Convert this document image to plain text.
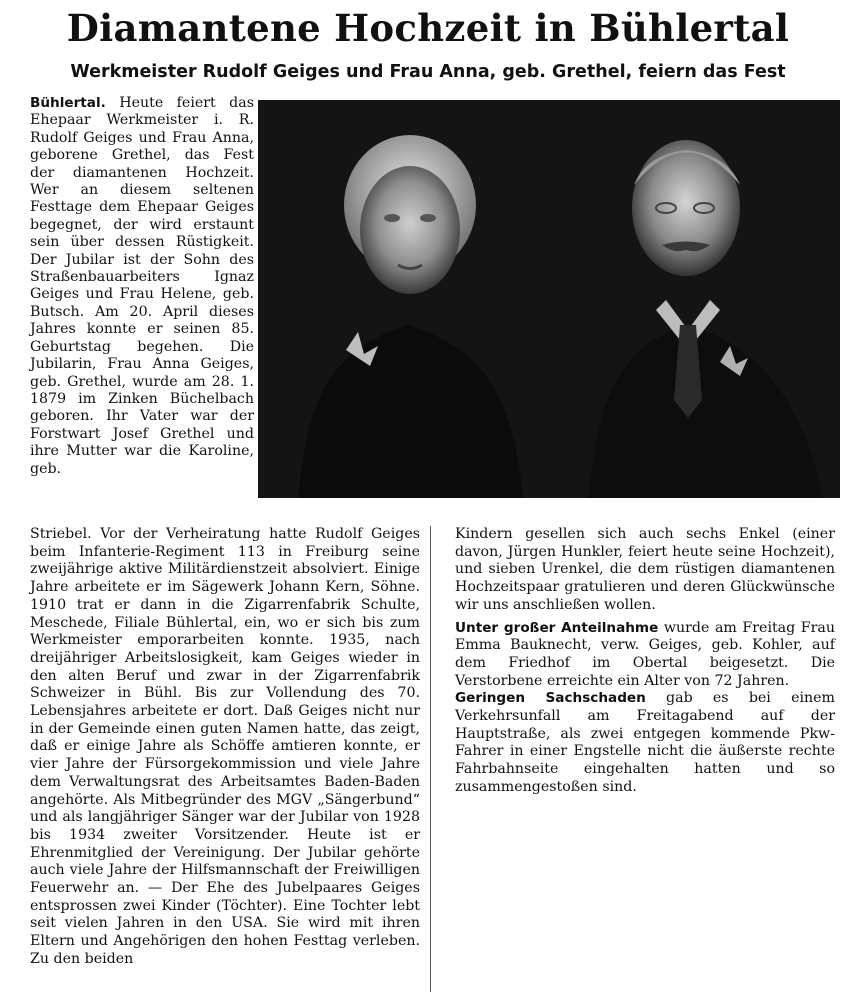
Diamantene Hochzeit in Bühlertal
Werkmeister Rudolf Geiges und Frau Anna, geb. Grethel, feiern das Fest

Bühlertal. Heute feiert das Ehepaar Werkmeister i. R. Rudolf Geiges und Frau Anna, geborene Grethel, das Fest der diamantenen Hochzeit. Wer an diesem seltenen Festtage dem Ehepaar Geiges begegnet, der wird erstaunt sein über dessen Rüstigkeit. Der Jubilar ist der Sohn des Straßenbauarbeiters Ignaz Geiges und Frau Helene, geb. Butsch. Am 20. April dieses Jahres konnte er seinen 85. Geburtstag begehen. Die Jubilarin, Frau Anna Geiges, geb. Grethel, wurde am 28. 1. 1879 im Zinken Büchelbach geboren. Ihr Vater war der Forstwart Josef Grethel und ihre Mutter war die Karoline, geb.

Striebel. Vor der Verheiratung hatte Rudolf Geiges beim Infanterie-Regiment 113 in Freiburg seine zweijährige aktive Militärdienstzeit absolviert. Einige Jahre arbeitete er im Sägewerk Johann Kern, Söhne. 1910 trat er dann in die Zigarrenfabrik Schulte, Meschede, Filiale Bühlertal, ein, wo er sich bis zum Werkmeister emporarbeiten konnte. 1935, nach dreijähriger Arbeitslosigkeit, kam Geiges wieder in den alten Beruf und zwar in der Zigarrenfabrik Schweizer in Bühl. Bis zur Vollendung des 70. Lebensjahres arbeitete er dort. Daß Geiges nicht nur in der Gemeinde einen guten Namen hatte, das zeigt, daß er einige Jahre als Schöffe amtieren konnte, er vier Jahre der Fürsorgekommission und viele Jahre dem Verwaltungsrat des Arbeitsamtes Baden-Baden angehörte. Als Mitbegründer des MGV „Sängerbund“ und als langjähriger Sänger war der Jubilar von 1928 bis 1934 zweiter Vorsitzender. Heute ist er Ehrenmitglied der Vereinigung. Der Jubilar gehörte auch viele Jahre der Hilfsmannschaft der Freiwilligen Feuerwehr an. — Der Ehe des Jubelpaares Geiges entsprossen zwei Kinder (Töchter). Eine Tochter lebt seit vielen Jahren in den USA. Sie wird mit ihren Eltern und Angehörigen den hohen Festtag verleben. Zu den beiden

Kindern gesellen sich auch sechs Enkel (einer davon, Jürgen Hunkler, feiert heute seine Hochzeit), und sieben Urenkel, die dem rüstigen diamantenen Hochzeitspaar gratulieren und deren Glückwünsche wir uns anschließen wollen.

Unter großer Anteilnahme wurde am Freitag Frau Emma Bauknecht, verw. Geiges, geb. Kohler, auf dem Friedhof im Obertal beigesetzt. Die Verstorbene erreichte ein Alter von 72 Jahren.

Geringen Sachschaden gab es bei einem Verkehrsunfall am Freitagabend auf der Hauptstraße, als zwei entgegen kommende Pkw-Fahrer in einer Engstelle nicht die äußerste rechte Fahrbahnseite eingehalten hatten und so zusammengestoßen sind.
